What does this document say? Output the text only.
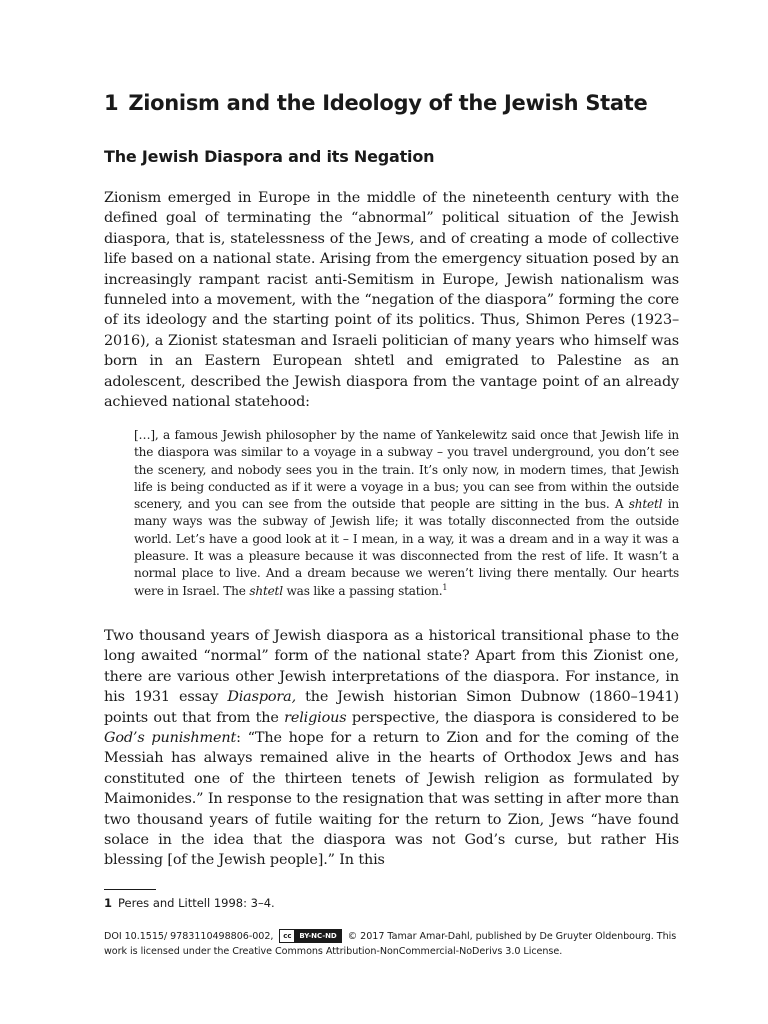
1 Zionism and the Ideology of the Jewish State
The Jewish Diaspora and its Negation

Zionism emerged in Europe in the middle of the nineteenth century with the defined goal of terminating the “abnormal” political situation of the Jewish diaspora, that is, statelessness of the Jews, and of creating a mode of collective life based on a national state. Arising from the emergency situation posed by an increasingly rampant racist anti-Semitism in Europe, Jewish nationalism was funneled into a movement, with the “negation of the diaspora” forming the core of its ideology and the starting point of its politics. Thus, Shimon Peres (1923–2016), a Zionist statesman and Israeli politician of many years who himself was born in an Eastern European shtetl and emigrated to Palestine as an adolescent, described the Jewish diaspora from the vantage point of an already achieved national statehood:

[…], a famous Jewish philosopher by the name of Yankelewitz said once that Jewish life in the diaspora was similar to a voyage in a subway – you travel underground, you don’t see the scenery, and nobody sees you in the train. It’s only now, in modern times, that Jewish life is being conducted as if it were a voyage in a bus; you can see from within the outside scenery, and you can see from the outside that people are sitting in the bus. A shtetl in many ways was the subway of Jewish life; it was totally disconnected from the outside world. Let’s have a good look at it – I mean, in a way, it was a dream and in a way it was a pleasure. It was a pleasure because it was disconnected from the rest of life. It wasn’t a normal place to live. And a dream because we weren’t living there mentally. Our hearts were in Israel. The shtetl was like a passing station.$^1$

Two thousand years of Jewish diaspora as a historical transitional phase to the long awaited “normal” form of the national state? Apart from this Zionist one, there are various other Jewish interpretations of the diaspora. For instance, in his 1931 essay Diaspora, the Jewish historian Simon Dubnow (1860–1941) points out that from the religious perspective, the diaspora is considered to be God’s punishment: “The hope for a return to Zion and for the coming of the Messiah has always remained alive in the hearts of Orthodox Jews and has constituted one of the thirteen tenets of Jewish religion as formulated by Maimonides.” In response to the resignation that was setting in after more than two thousand years of futile waiting for the return to Zion, Jews “have found solace in the idea that the diaspora was not God’s curse, but rather His blessing [of the Jewish people].” In this

1 Peres and Littell 1998: 3–4.

DOI 10.1515/ 9783110498806-002, cc BY-NC-ND © 2017 Tamar Amar-Dahl, published by De Gruyter Oldenbourg. This work is licensed under the Creative Commons Attribution-NonCommercial-NoDerivs 3.0 License.
